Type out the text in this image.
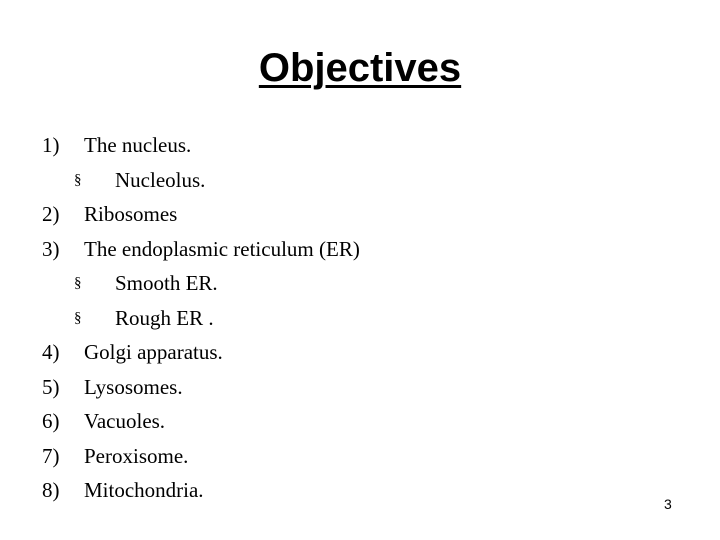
Objectives
1) The nucleus.
§ Nucleolus.
2) Ribosomes
3) The endoplasmic reticulum (ER)
§ Smooth ER.
§ Rough ER .
4) Golgi apparatus.
5) Lysosomes.
6) Vacuoles.
7) Peroxisome.
8) Mitochondria.
3
